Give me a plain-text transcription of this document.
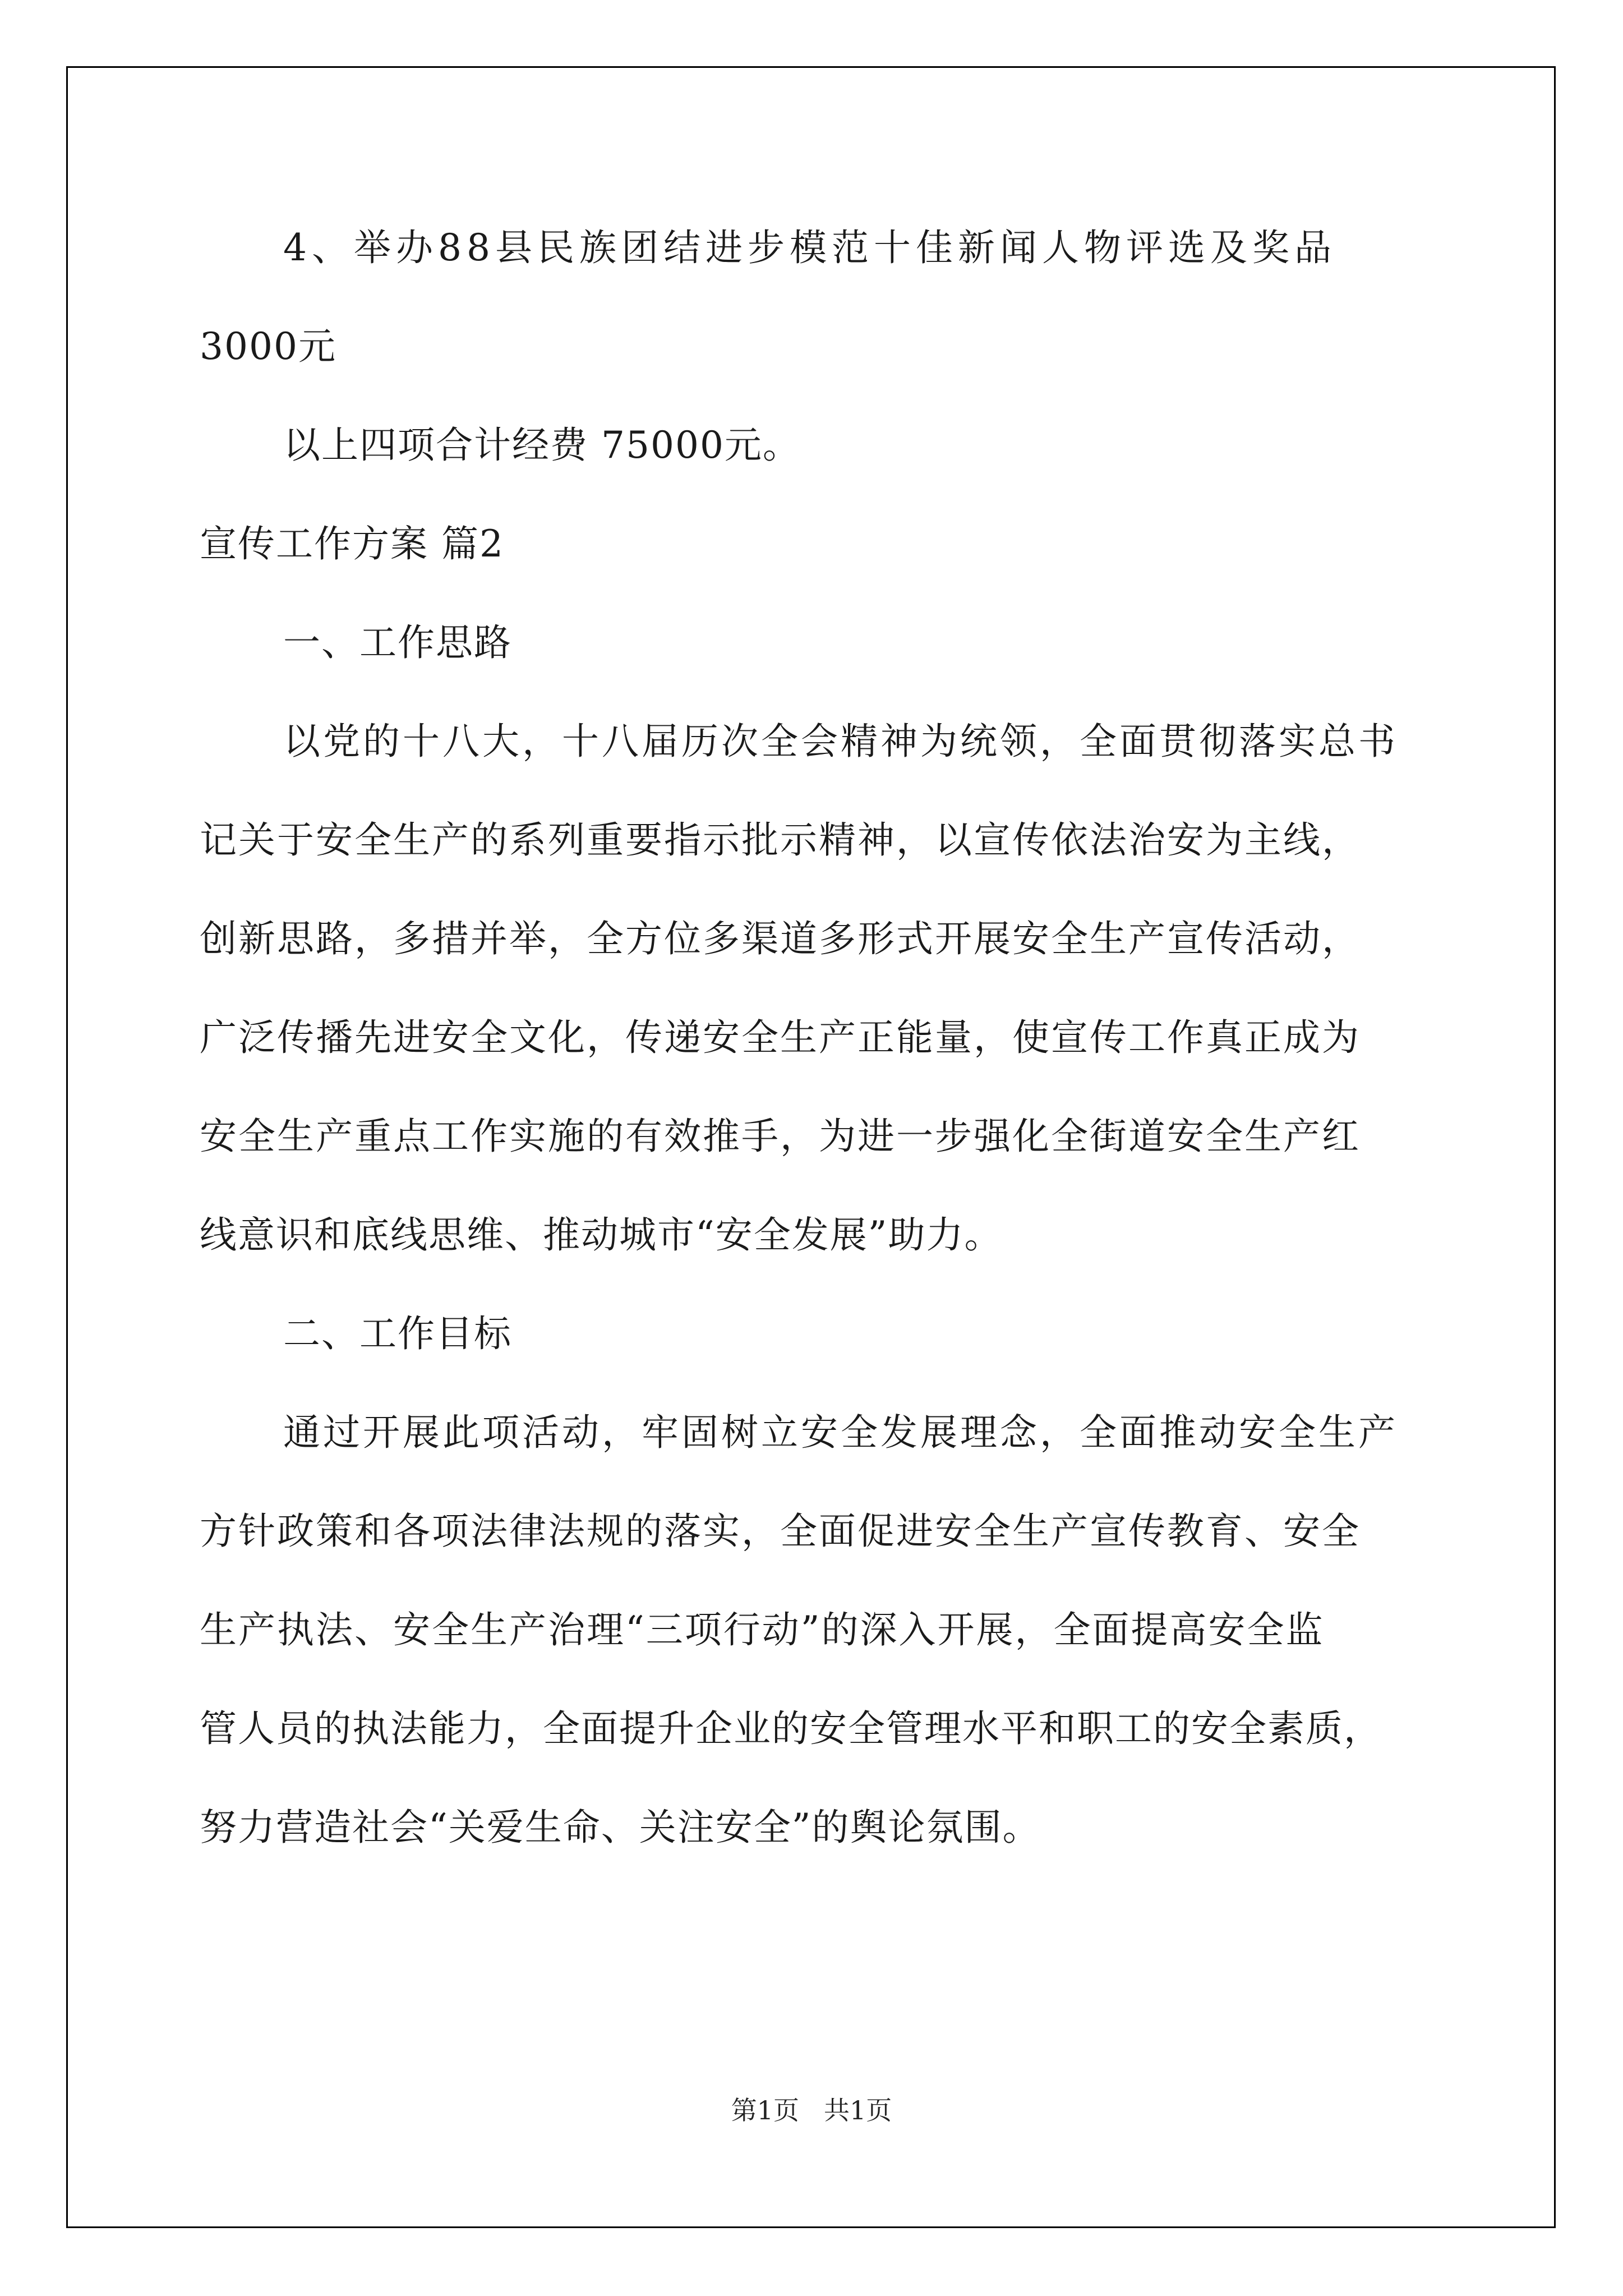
4、举办88县民族团结进步模范十佳新闻人物评选及奖品
3000元
以上四项合计经费 75000元。
宣传工作方案 篇2
一、工作思路
以党的十八大，十八届历次全会精神为统领，全面贯彻落实总书
记关于安全生产的系列重要指示批示精神，以宣传依法治安为主线，
创新思路，多措并举，全方位多渠道多形式开展安全生产宣传活动，
广泛传播先进安全文化，传递安全生产正能量，使宣传工作真正成为
安全生产重点工作实施的有效推手，为进一步强化全街道安全生产红
线意识和底线思维、推动城市“安全发展”助力。
二、工作目标
通过开展此项活动，牢固树立安全发展理念，全面推动安全生产
方针政策和各项法律法规的落实，全面促进安全生产宣传教育、安全
生产执法、安全生产治理“三项行动”的深入开展，全面提高安全监
管人员的执法能力，全面提升企业的安全管理水平和职工的安全素质，
努力营造社会“关爱生命、关注安全”的舆论氛围。
第1页 共1页
